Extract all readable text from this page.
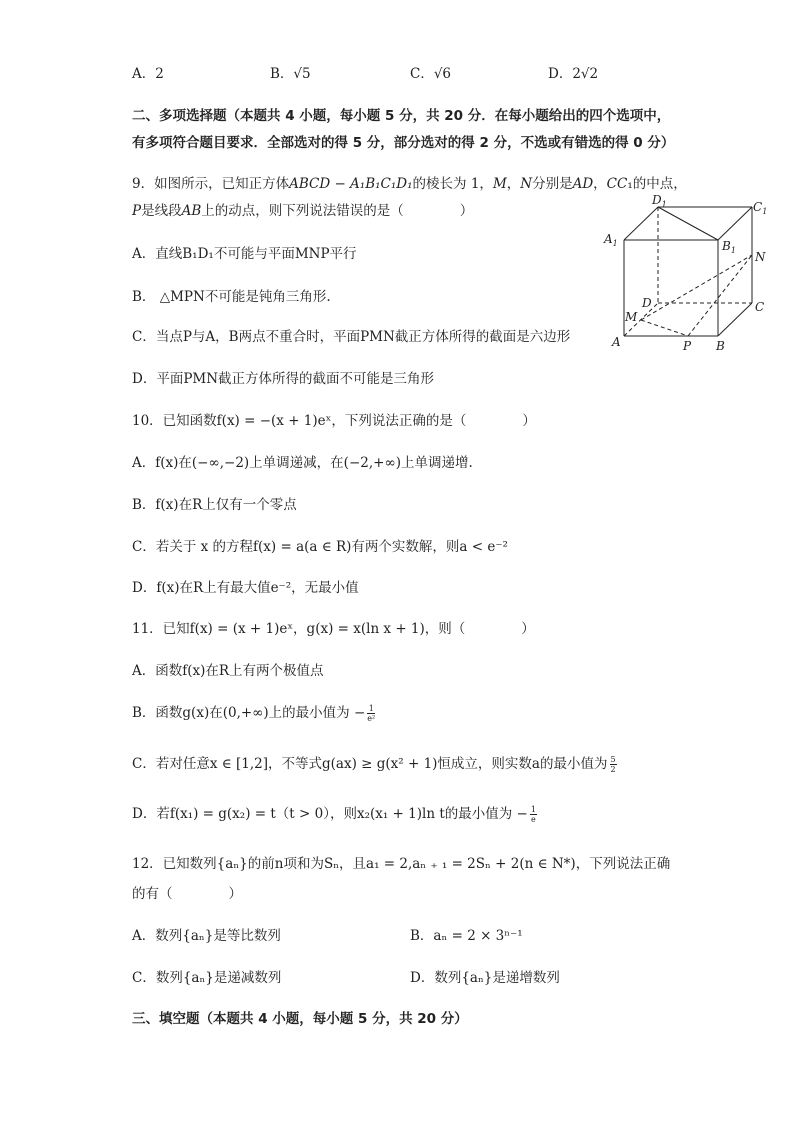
A．2	B．√5	C．√6	D．2√2
二、多项选择题（本题共 4 小题，每小题 5 分，共 20 分．在每小题给出的四个选项中，
有多项符合题目要求．全部选对的得 5 分，部分选对的得 2 分，不选或有错选的得 0 分）
9．如图所示，已知正方体ABCD − A₁B₁C₁D₁的棱长为 1，M，N分别是AD，CC₁的中点，
P是线段AB上的动点，则下列说法错误的是（	）
A．直线B₁D₁不可能与平面MNP平行
B． △MPN不可能是钝角三角形.
C．当点P与A，B两点不重合时，平面PMN截正方体所得的截面是六边形
D．平面PMN截正方体所得的截面不可能是三角形
$D_1$	$C_1$
$A_1$	$B_1$ N
D	C
M
A	P B
10．已知函数f(x) = −(x + 1)eˣ，下列说法正确的是（	）
A．f(x)在(−∞,−2)上单调递减，在(−2,+∞)上单调递增.
B．f(x)在R上仅有一个零点
C．若关于 x 的方程f(x) = a(a ∈ R)有两个实数解，则a < e⁻²
D．f(x)在R上有最大值e⁻²，无最小值
11．已知f(x) = (x + 1)eˣ，g(x) = x(ln x + 1)，则（	）
A．函数f(x)在R上有两个极值点
B．函数g(x)在(0,+∞)上的最小值为 − $\frac{1}{\text{e²}}$
C．若对任意x ∈ [1,2]，不等式g(ax) ≥ g(x² + 1)恒成立，则实数a的最小值为 $\frac{5}{2}$
D．若f(x₁) = g(x₂) = t（t > 0），则x₂(x₁ + 1)ln t的最小值为 − $\frac{1}{e}$
12．已知数列{aₙ}的前n项和为Sₙ，且a₁ = 2,aₙ ₊ ₁ = 2Sₙ + 2(n ∈ N*)，下列说法正确
的有（	）
A．数列{aₙ}是等比数列	B．aₙ = 2 × 3ⁿ⁻¹
C．数列{aₙ}是递减数列	D．数列{aₙ}是递增数列
三、填空题（本题共 4 小题，每小题 5 分，共 20 分）
